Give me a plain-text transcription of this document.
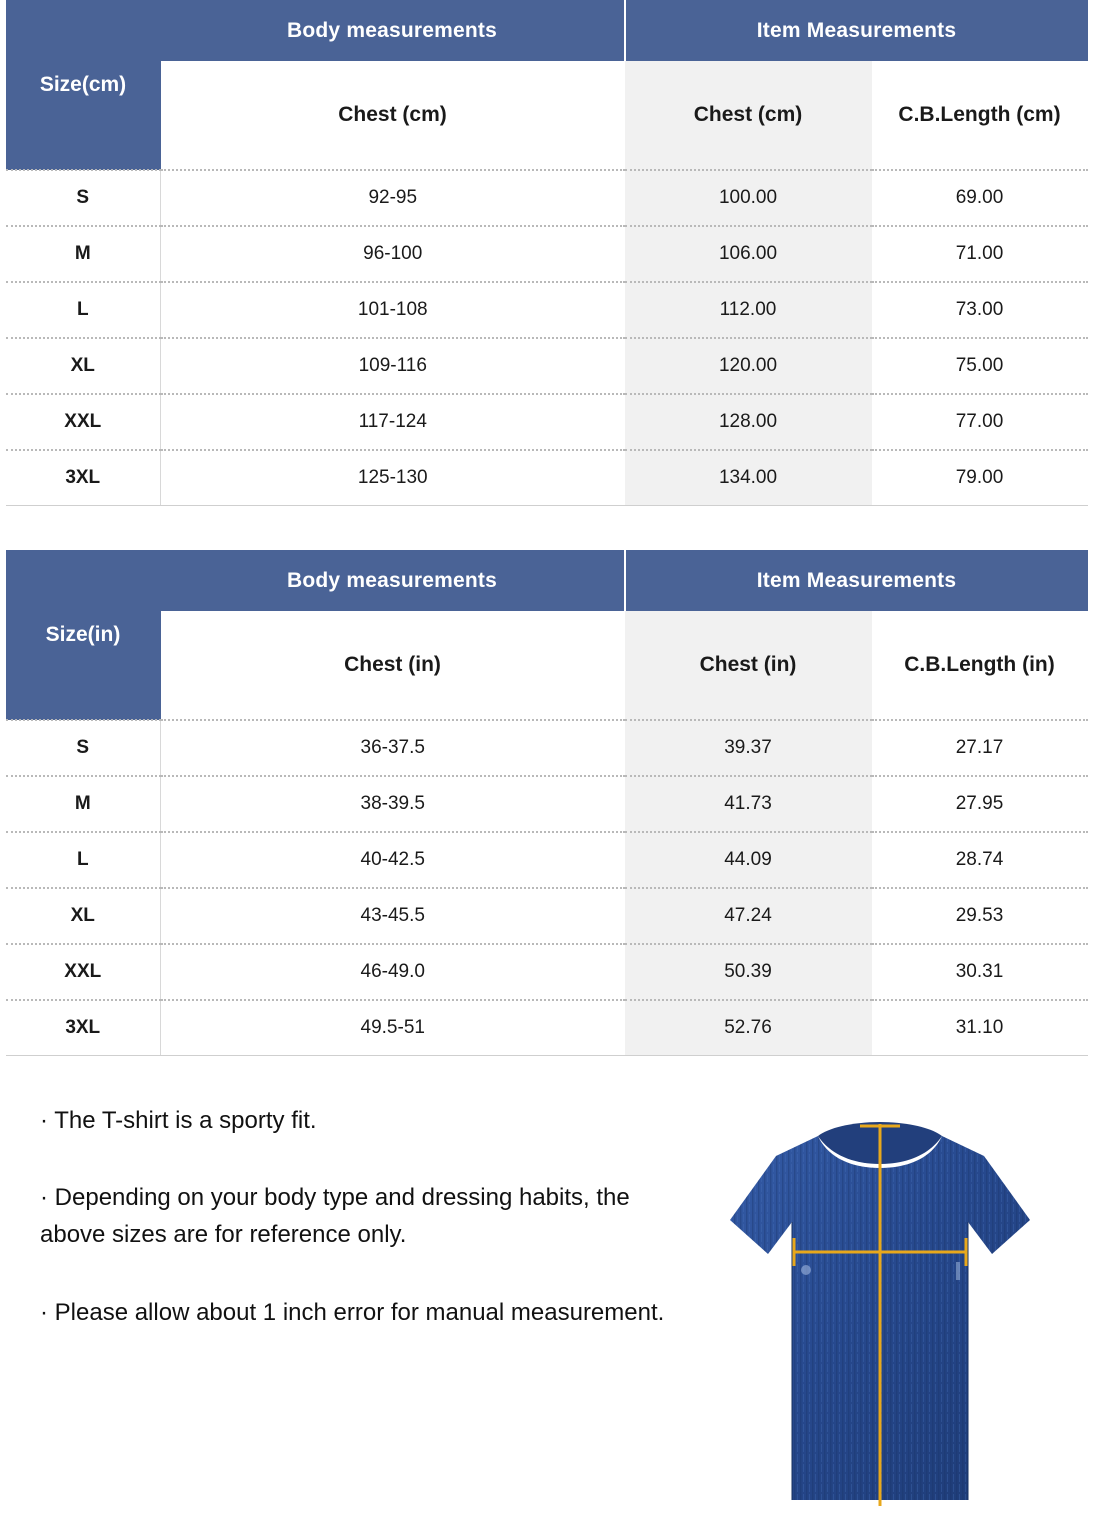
Size(cm)	Body measurements	Item Measurements	
	Chest (cm)	Chest (cm)	C.B.Length (cm)
S	92-95	100.00	69.00
M	96-100	106.00	71.00
L	101-108	112.00	73.00
XL	109-116	120.00	75.00
XXL	117-124	128.00	77.00
3XL	125-130	134.00	79.00
Size(in)	Body measurements	Item Measurements	
	Chest (in)	Chest (in)	C.B.Length (in)
S	36-37.5	39.37	27.17
M	38-39.5	41.73	27.95
L	40-42.5	44.09	28.74
XL	43-45.5	47.24	29.53
XXL	46-49.0	50.39	30.31
3XL	49.5-51	52.76	31.10

· The T-shirt is a sporty fit.

· Depending on your body type and dressing habits, the above sizes are for reference only.

· Please allow about 1 inch error for manual measurement.
